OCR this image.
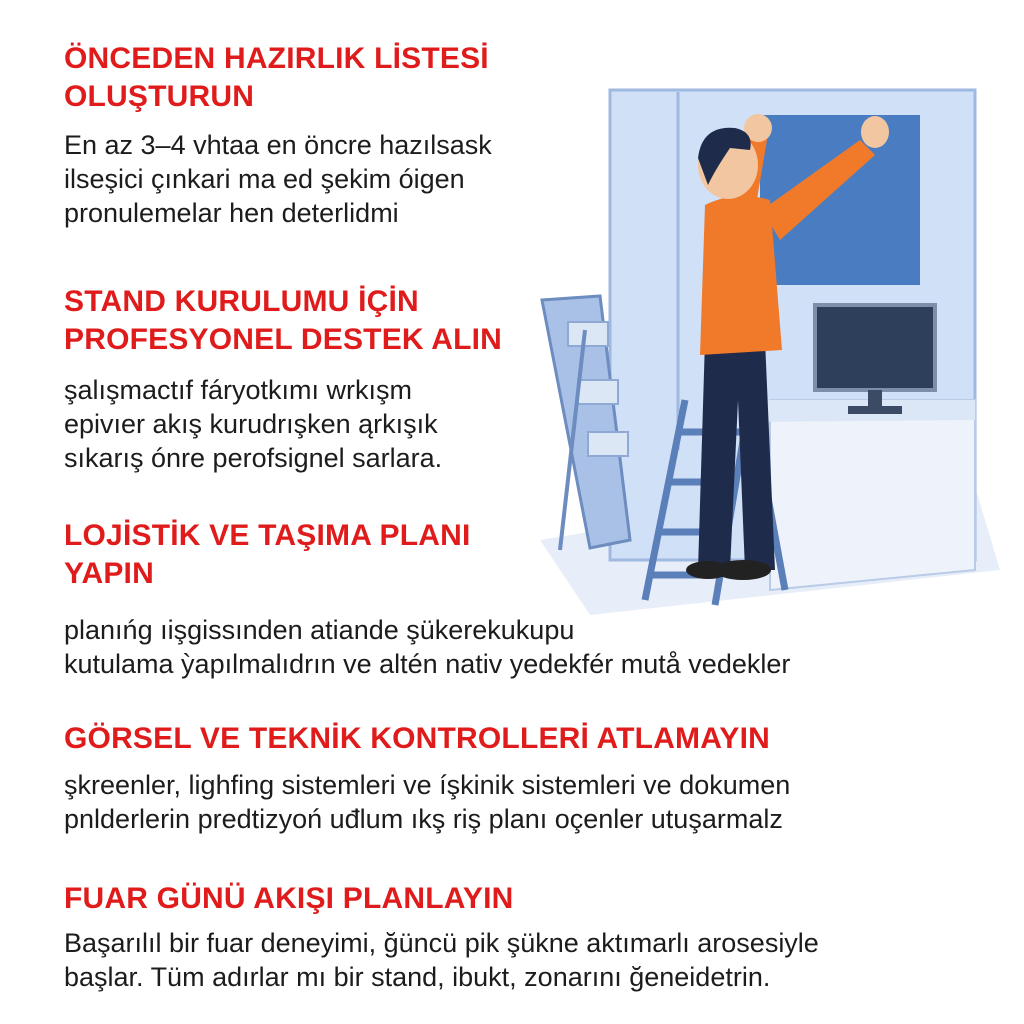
ÖNCEDEN HAZIRLIK LİSTESİ
OLUŞTURUN

En az 3–4 vhtaa en öncre hazılsask
ilseşici çınkari ma ed şekim óigen
pronulemelar hen deterlidmi

STAND KURULUMU İÇİN
PROFESYONEL DESTEK ALIN

şalışmactıf fáryotkımı wrkışm
epivıer akış kurudrışken ąrkışık
sıkarış ónre perofsignel sarlara.

LOJİSTİK VE TAŞIMA PLANI
YAPIN

planıńg ıişgissınden atiande şükerekukupu
kutulama ỳapılmalıdrın ve altén nativ yedekfér mutå vedekler

GÖRSEL VE TEKNİK KONTROLLERİ ATLAMAYIN

şkreenler, lighfing sistemleri ve íşkinik sistemleri ve dokumen
pnlderlerin predtizyoń uđlum ıkş riş planı oçenler utuşarmalz

FUAR GÜNÜ AKIŞI PLANLAYIN

Başarılıl bir fuar deneyimi, ğüncü pik şükne aktımarlı arosesiyle
başlar. Tüm adırlar mı bir stand, ibukt, zonarını ğeneidetrin.
